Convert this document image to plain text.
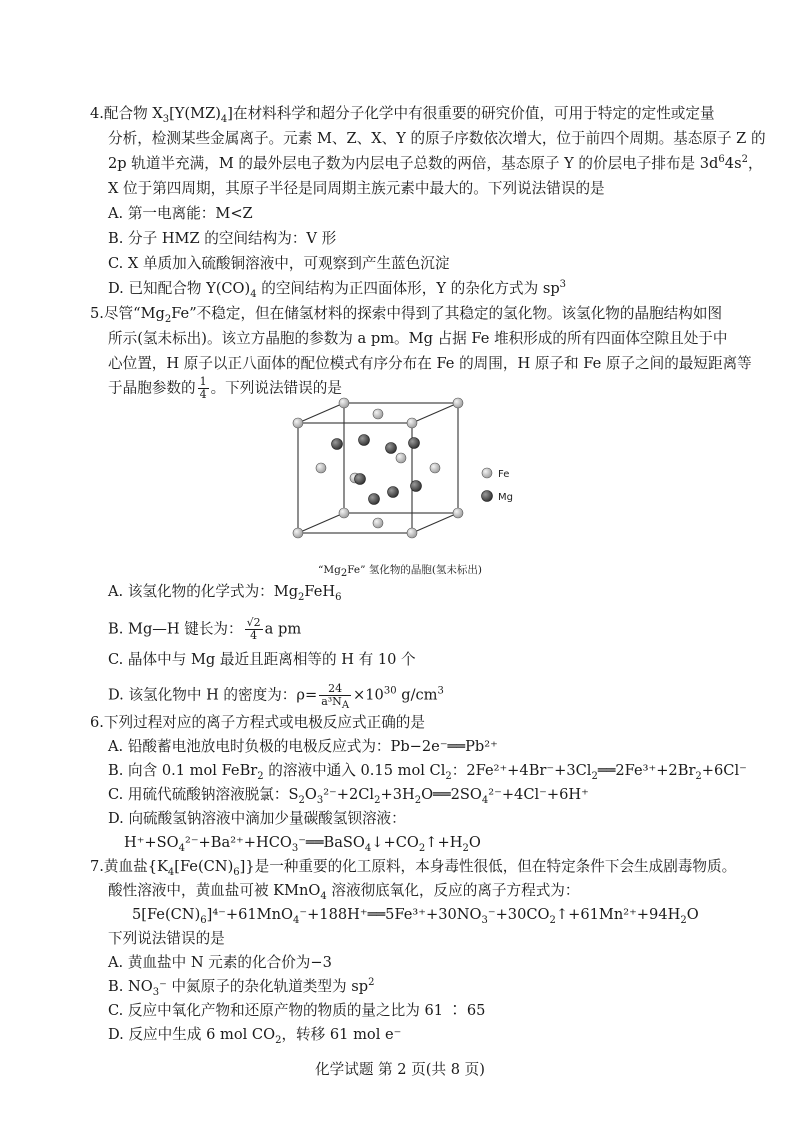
4.配合物 $X_3[Y(MZ)_4]$在材料科学和超分子化学中有很重要的研究价值，可用于特定的定性或定量
分析，检测某些金属离子。元素 M、Z、X、Y 的原子序数依次增大，位于前四个周期。基态原子 Z 的
2p 轨道半充满，M 的最外层电子数为内层电子总数的两倍，基态原子 Y 的价层电子排布是 $3d^64s^2$，
X 位于第四周期，其原子半径是同周期主族元素中最大的。下列说法错误的是
A. 第一电离能：M<Z
B. 分子 HMZ 的空间结构为：V 形
C. X 单质加入硫酸铜溶液中，可观察到产生蓝色沉淀
D. 已知配合物 $Y(CO)_4$ 的空间结构为正四面体形，Y 的杂化方式为 $sp^3$
5.尽管“$Mg_2Fe$”不稳定，但在储氢材料的探索中得到了其稳定的氢化物。该氢化物的晶胞结构如图
所示(氢未标出)。该立方晶胞的参数为 a pm。Mg 占据 Fe 堆积形成的所有四面体空隙且处于中
心位置，H 原子以正八面体的配位模式有序分布在 Fe 的周围，H 原子和 Fe 原子之间的最短距离等
于晶胞参数的 $\frac{1}{4}$ 。下列说法错误的是
Fe
Mg
“$Mg_2Fe$” 氢化物的晶胞(氢未标出)
A. 该氢化物的化学式为：$Mg_2FeH_6$
B. Mg—H 键长为： $\frac{√2}{4}$ a pm
C. 晶体中与 Mg 最近且距离相等的 H 有 10 个
D. 该氢化物中 H 的密度为：$\rho= \frac{24}{a^3N_A} \times 10^{30}$ $g/cm^3$
6.下列过程对应的离子方程式或电极反应式正确的是
A. 铅酸蓄电池放电时负极的电极反应式为：Pb−2e⁻══Pb²⁺
B. 向含 0.1 mol FeBr$_2$ 的溶液中通入 0.15 mol $Cl_2$：$2Fe^{2+}+4Br^-+3Cl_2══2Fe^{3+}+2Br_2+6Cl^-$
C. 用硫代硫酸钠溶液脱氯：$S_2O_3^{2-}+2Cl_2+3H_2O══2SO_4^{2-}+4Cl^-+6H^+$
D. 向硫酸氢钠溶液中滴加少量碳酸氢钡溶液：
$H^++SO_4^{2-}+Ba^{2+}+HCO_3^-══BaSO_4↓+CO_2↑+H_2O$
7.黄血盐$\{K_4[Fe(CN)_6]\}$是一种重要的化工原料，本身毒性很低，但在特定条件下会生成剧毒物质。
酸性溶液中，黄血盐可被 KMnO$_4$ 溶液彻底氧化，反应的离子方程式为：
$5[Fe(CN)_6]^{4-}+61MnO_4^-+188H^+══5Fe^{3+}+30NO_3^-+30CO_2↑+61Mn^{2+}+94H_2O$
下列说法错误的是
A. 黄血盐中 N 元素的化合价为−3
B. $NO_3^-$ 中氮原子的杂化轨道类型为 $sp^2$
C. 反应中氧化产物和还原产物的物质的量之比为 61 ∶ 65
D. 反应中生成 6 mol $CO_2$，转移 61 mol e⁻
化学试题 第 2 页(共 8 页)
